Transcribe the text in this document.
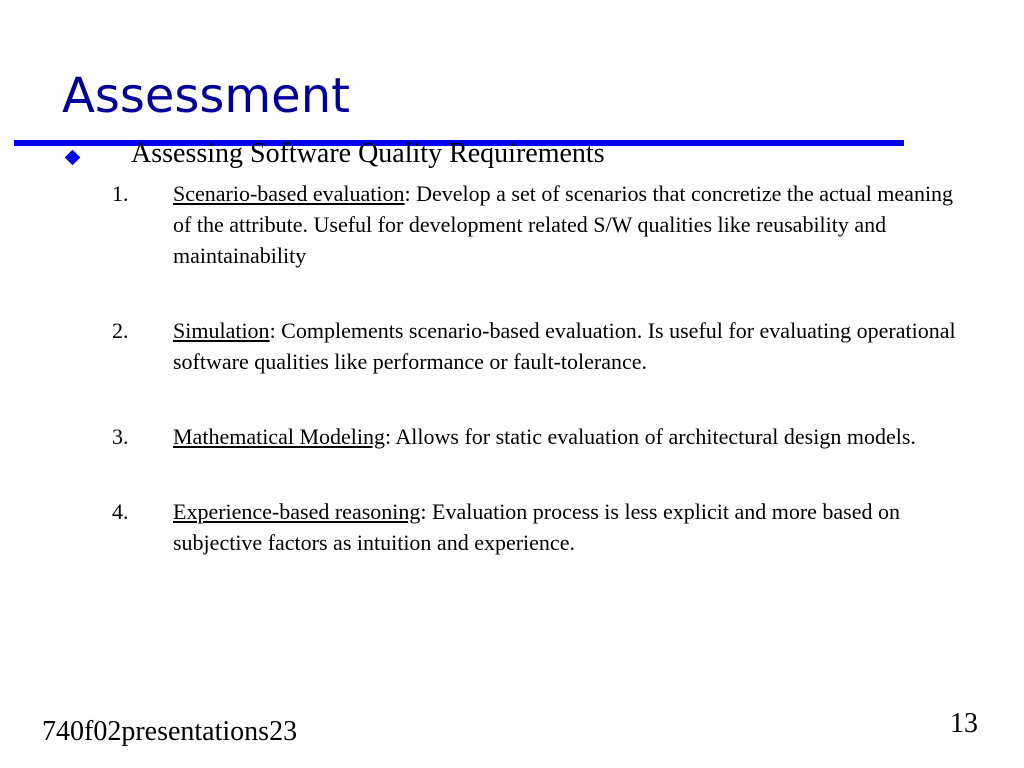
Assessment
Assessing Software Quality Requirements
1.	Scenario-based evaluation: Develop a set of scenarios that concretize the actual meaning of the attribute. Useful for development related S/W qualities like reusability and maintainability
2.	Simulation: Complements scenario-based evaluation. Is useful for evaluating operational software qualities like performance or fault-tolerance.
3.	Mathematical Modeling: Allows for static evaluation of architectural design models.
4.	Experience-based reasoning: Evaluation process is less explicit and more based on subjective factors as intuition and experience.
740f02presentations23	13
